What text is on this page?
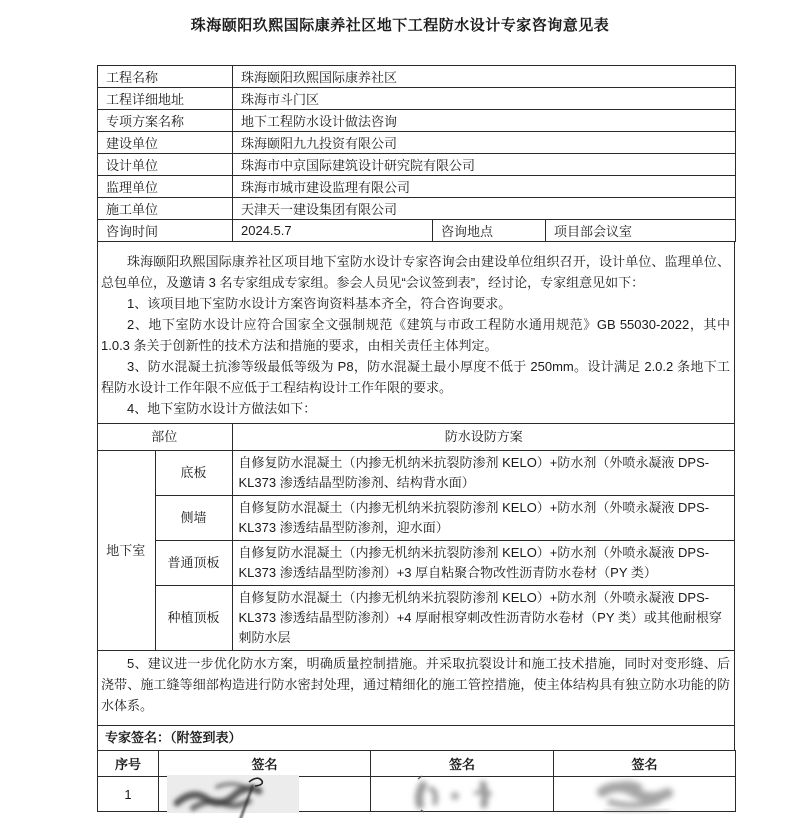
珠海颐阳玖熙国际康养社区地下工程防水设计专家咨询意见表
工程名称	珠海颐阳玖熙国际康养社区		
工程详细地址	珠海市斗门区		
专项方案名称	地下工程防水设计做法咨询		
建设单位	珠海颐阳九九投资有限公司		
设计单位	珠海市中京国际建筑设计研究院有限公司		
监理单位	珠海市城市建设监理有限公司		
施工单位	天津天一建设集团有限公司		
咨询时间	2024.5.7	咨询地点	项目部会议室

珠海颐阳玖熙国际康养社区项目地下室防水设计专家咨询会由建设单位组织召开，设计单位、监理单位、总包单位，及邀请 3 名专家组成专家组。参会人员见“会议签到表”，经讨论，专家组意见如下：

1、该项目地下室防水设计方案咨询资料基本齐全，符合咨询要求。

2、地下室防水设计应符合国家全文强制规范《建筑与市政工程防水通用规范》GB 55030-2022，其中 1.0.3 条关于创新性的技术方法和措施的要求，由相关责任主体判定。

3、防水混凝土抗渗等级最低等级为 P8，防水混凝土最小厚度不低于 250mm。设计满足 2.0.2 条地下工程防水设计工作年限不应低于工程结构设计工作年限的要求。

4、地下室防水设计方做法如下：

部位		防水设防方案
地下室	底板	自修复防水混凝土（内掺无机纳米抗裂防渗剂 KELO）+防水剂（外喷永凝液 DPS-KL373 渗透结晶型防渗剂、结构背水面）
	侧墙	自修复防水混凝土（内掺无机纳米抗裂防渗剂 KELO）+防水剂（外喷永凝液 DPS-KL373 渗透结晶型防渗剂，迎水面）
	普通顶板	自修复防水混凝土（内掺无机纳米抗裂防渗剂 KELO）+防水剂（外喷永凝液 DPS-KL373 渗透结晶型防渗剂）+3 厚自粘聚合物改性沥青防水卷材（PY 类）
	种植顶板	自修复防水混凝土（内掺无机纳米抗裂防渗剂 KELO）+防水剂（外喷永凝液 DPS-KL373 渗透结晶型防渗剂）+4 厚耐根穿刺改性沥青防水卷材（PY 类）或其他耐根穿刺防水层

5、建议进一步优化防水方案，明确质量控制措施。并采取抗裂设计和施工技术措施，同时对变形缝、后浇带、施工缝等细部构造进行防水密封处理，通过精细化的施工管控措施，使主体结构具有独立防水功能的防水体系。

专家签名：（附签到表）
序号	签名	签名	签名
1	
